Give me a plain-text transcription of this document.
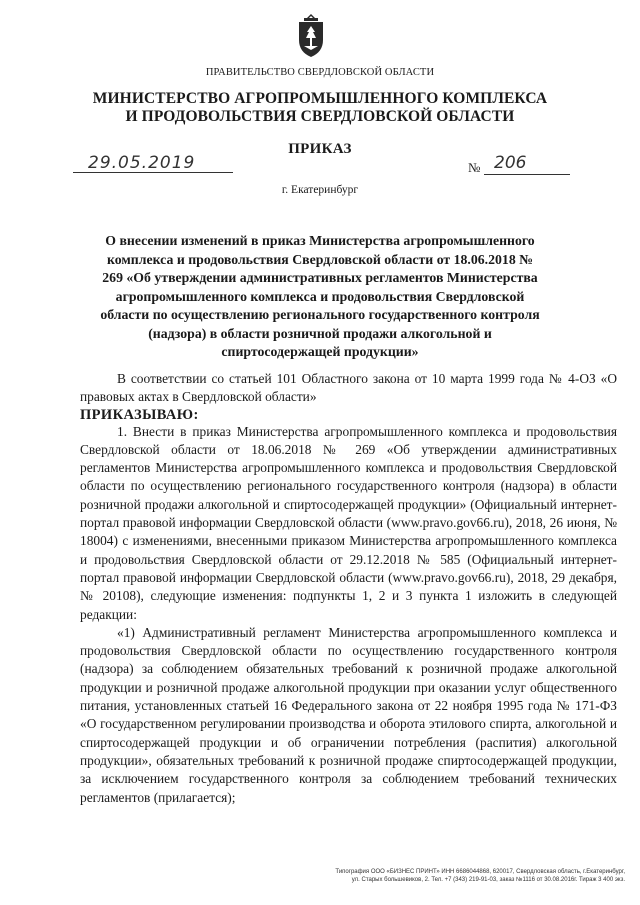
ПРАВИТЕЛЬСТВО СВЕРДЛОВСКОЙ ОБЛАСТИ
МИНИСТЕРСТВО АГРОПРОМЫШЛЕННОГО КОМПЛЕКСА
И ПРОДОВОЛЬСТВИЯ СВЕРДЛОВСКОЙ ОБЛАСТИ
ПРИКАЗ
29.05.2019	№ 206
г. Екатеринбург
О внесении изменений в приказ Министерства агропромышленного комплекса и продовольствия Свердловской области от 18.06.2018 № 269 «Об утверждении административных регламентов Министерства агропромышленного комплекса и продовольствия Свердловской области по осуществлению регионального государственного контроля (надзора) в области розничной продажи алкогольной и спиртосодержащей продукции»

В соответствии со статьей 101 Областного закона от 10 марта 1999 года № 4-ОЗ «О правовых актах в Свердловской области»

ПРИКАЗЫВАЮ:

1. Внести в приказ Министерства агропромышленного комплекса и продовольствия Свердловской области от 18.06.2018 № 269 «Об утверждении административных регламентов Министерства агропромышленного комплекса и продовольствия Свердловской области по осуществлению регионального государственного контроля (надзора) в области розничной продажи алкогольной и спиртосодержащей продукции» (Официальный интернет-портал правовой информации Свердловской области (www.pravo.gov66.ru), 2018, 26 июня, № 18004) с изменениями, внесенными приказом Министерства агропромышленного комплекса и продовольствия Свердловской области от 29.12.2018 № 585 (Официальный интернет-портал правовой информации Свердловской области (www.pravo.gov66.ru), 2018, 29 декабря, № 20108), следующие изменения: подпункты 1, 2 и 3 пункта 1 изложить в следующей редакции:

«1) Административный регламент Министерства агропромышленного комплекса и продовольствия Свердловской области по осуществлению государственного контроля (надзора) за соблюдением обязательных требований к розничной продаже алкогольной продукции и розничной продаже алкогольной продукции при оказании услуг общественного питания, установленных статьей 16 Федерального закона от 22 ноября 1995 года № 171-ФЗ «О государственном регулировании производства и оборота этилового спирта, алкогольной и спиртосодержащей продукции и об ограничении потребления (распития) алкогольной продукции», обязательных требований к розничной продаже спиртосодержащей продукции, за исключением государственного контроля за соблюдением требований технических регламентов (прилагается);

Типография ООО «БИЗНЕС ПРИНТ» ИНН 6686044868, 620017, Свердловская область, г.Екатеринбург,
ул. Старых большевиков, 2. Тел. +7 (343) 219-91-03, заказ №1116 от 30.08.2016г. Тираж 3 400 экз.
